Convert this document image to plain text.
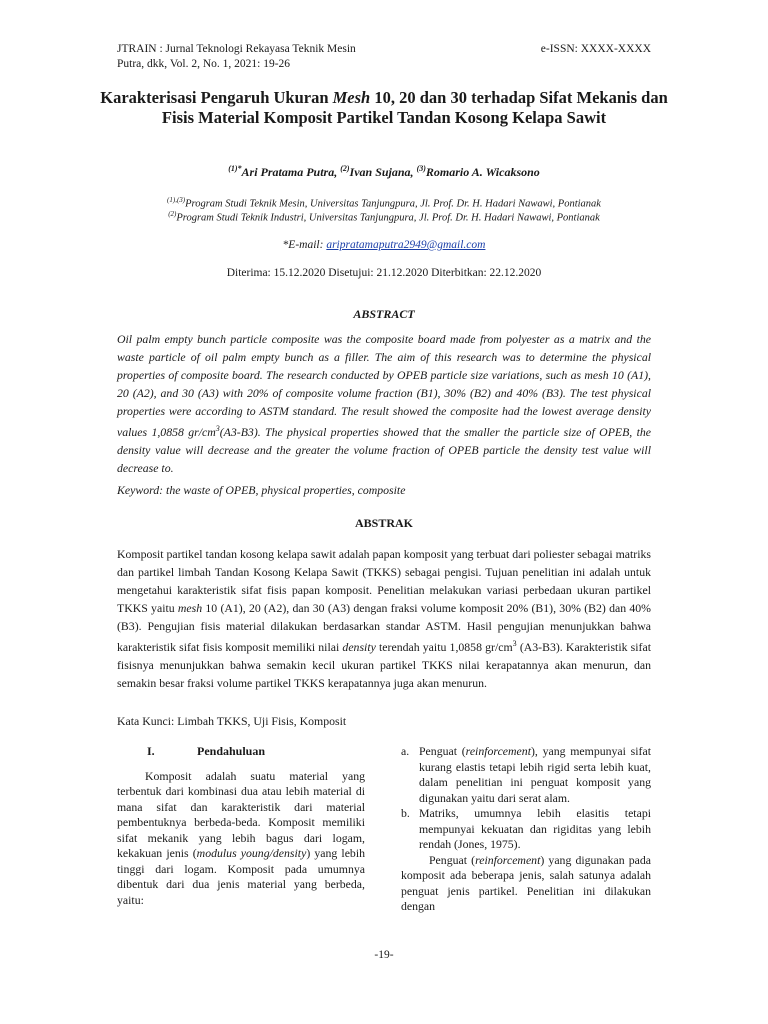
JTRAIN : Jurnal Teknologi Rekayasa Teknik Mesin
Putra, dkk, Vol. 2, No. 1, 2021: 19-26
e-ISSN: XXXX-XXXX
Karakterisasi Pengaruh Ukuran Mesh 10, 20 dan 30 terhadap Sifat Mekanis dan Fisis Material Komposit Partikel Tandan Kosong Kelapa Sawit
$^{(1)*}$Ari Pratama Putra, $^{(2)}$Ivan Sujana, $^{(3)}$Romario A. Wicaksono
$^{(1),(3)}$Program Studi Teknik Mesin, Universitas Tanjungpura, Jl. Prof. Dr. H. Hadari Nawawi, Pontianak
$^{(2)}$Program Studi Teknik Industri, Universitas Tanjungpura, Jl. Prof. Dr. H. Hadari Nawawi, Pontianak
*E-mail: aripratamaputra2949@gmail.com
Diterima: 15.12.2020 Disetujui: 21.12.2020 Diterbitkan: 22.12.2020
ABSTRACT
Oil palm empty bunch particle composite was the composite board made from polyester as a matrix and the waste particle of oil palm empty bunch as a filler. The aim of this research was to determine the physical properties of composite board. The research conducted by OPEB particle size variations, such as mesh 10 (A1), 20 (A2), and 30 (A3) with 20% of composite volume fraction (B1), 30% (B2) and 40% (B3). The test physical properties were according to ASTM standard. The result showed the composite had the lowest average density values 1,0858 $gr/cm^3(A3-B3)$. The physical properties showed that the smaller the particle size of OPEB, the density value will decrease and the greater the volume fraction of OPEB particle the density test value will decrease to.
Keyword: the waste of OPEB, physical properties, composite
ABSTRAK
Komposit partikel tandan kosong kelapa sawit adalah papan komposit yang terbuat dari poliester sebagai matriks dan partikel limbah Tandan Kosong Kelapa Sawit (TKKS) sebagai pengisi. Tujuan penelitian ini adalah untuk mengetahui karakteristik sifat fisis papan komposit. Penelitian melakukan variasi perbedaan ukuran partikel TKKS yaitu mesh 10 (A1), 20 (A2), dan 30 (A3) dengan fraksi volume komposit 20% (B1), 30% (B2) dan 40% (B3). Pengujian fisis material dilakukan berdasarkan standar ASTM. Hasil pengujian menunjukkan bahwa karakteristik sifat fisis komposit memiliki nilai density terendah yaitu 1,0858 $gr/cm^3$ (A3-B3). Karakteristik sifat fisisnya menunjukkan bahwa semakin kecil ukuran partikel TKKS nilai kerapatannya akan menurun, dan semakin besar fraksi volume partikel TKKS kerapatannya juga akan menurun.
Kata Kunci: Limbah TKKS, Uji Fisis, Komposit
I.	Pendahuluan

Komposit adalah suatu material yang terbentuk dari kombinasi dua atau lebih material di mana sifat dan karakteristik dari material pembentuknya berbeda-beda. Komposit memiliki sifat mekanik yang lebih bagus dari logam, kekakuan jenis (modulus young/density) yang lebih tinggi dari logam. Komposit pada umumnya dibentuk dari dua jenis material yang berbeda, yaitu:

a. Penguat (reinforcement), yang mempunyai sifat kurang elastis tetapi lebih rigid serta lebih kuat, dalam penelitian ini penguat komposit yang digunakan yaitu dari serat alam.
b. Matriks, umumnya lebih elasitis tetapi mempunyai kekuatan dan rigiditas yang lebih rendah (Jones, 1975).

Penguat (reinforcement) yang digunakan pada komposit ada beberapa jenis, salah satunya adalah penguat jenis partikel. Penelitian ini dilakukan dengan

-19-
